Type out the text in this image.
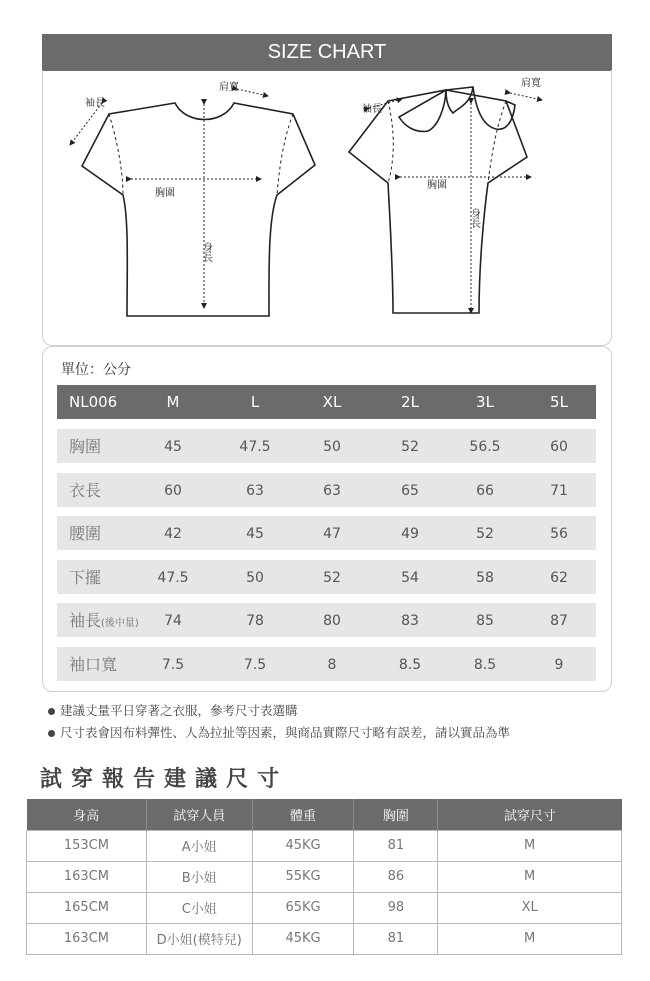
SIZE CHART
袖長
肩寬
胸圍
身長
袖長
肩寬
胸圍
身長
單位：公分
NL006	M	L	XL	2L	3L	5L
胸圍	45	47.5	50	52	56.5	60
衣長	60	63	63	65	66	71
腰圍	42	45	47	49	52	56
下擺	47.5	50	52	54	58	62
袖長(後中量)	74	78	80	83	85	87
袖口寬	7.5	7.5	8	8.5	8.5	9
建議丈量平日穿著之衣服，參考尺寸表選購
尺寸表會因布料彈性、人為拉扯等因素，與商品實際尺寸略有誤差，請以實品為準
試穿報告建議尺寸
身高	試穿人員	體重	胸圍	試穿尺寸
153CM	A小姐	45KG	81	M
163CM	B小姐	55KG	86	M
165CM	C小姐	65KG	98	XL
163CM	D小姐(模特兒)	45KG	81	M
